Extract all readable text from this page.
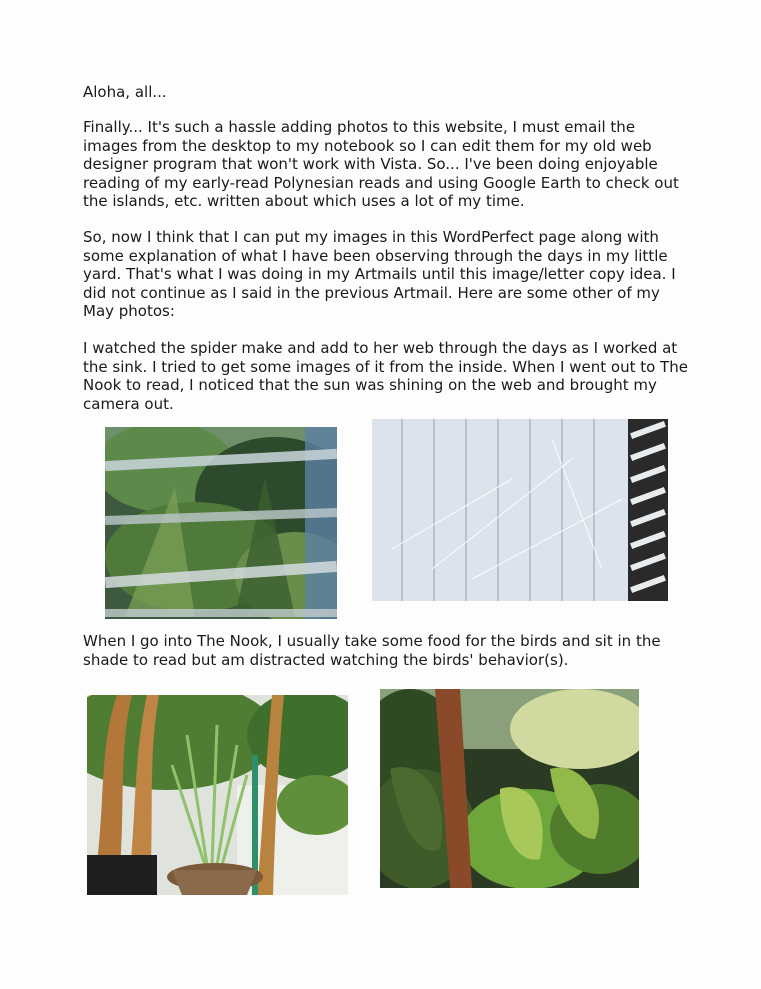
Aloha, all...

Finally... It's such a hassle adding photos to this website, I must email the images from the desktop to my notebook so I can edit them for my old web designer program that won't work with Vista. So... I've been doing enjoyable reading of my early-read Polynesian reads and using Google Earth to check out the islands, etc. written about which uses a lot of my time.

So, now I think that I can put my images in this WordPerfect page along with some explanation of what I have been observing through the days in my little yard. That's what I was doing in my Artmails until this image/letter copy idea. I did not continue as I said in the previous Artmail. Here are some other of my May photos:

I watched the spider make and add to her web through the days as I worked at the sink. I tried to get some images of it from the inside. When I went out to The Nook to read, I noticed that the sun was shining on the web and brought my camera out.

When I go into The Nook, I usually take some food for the birds and sit in the shade to read but am distracted watching the birds' behavior(s).
